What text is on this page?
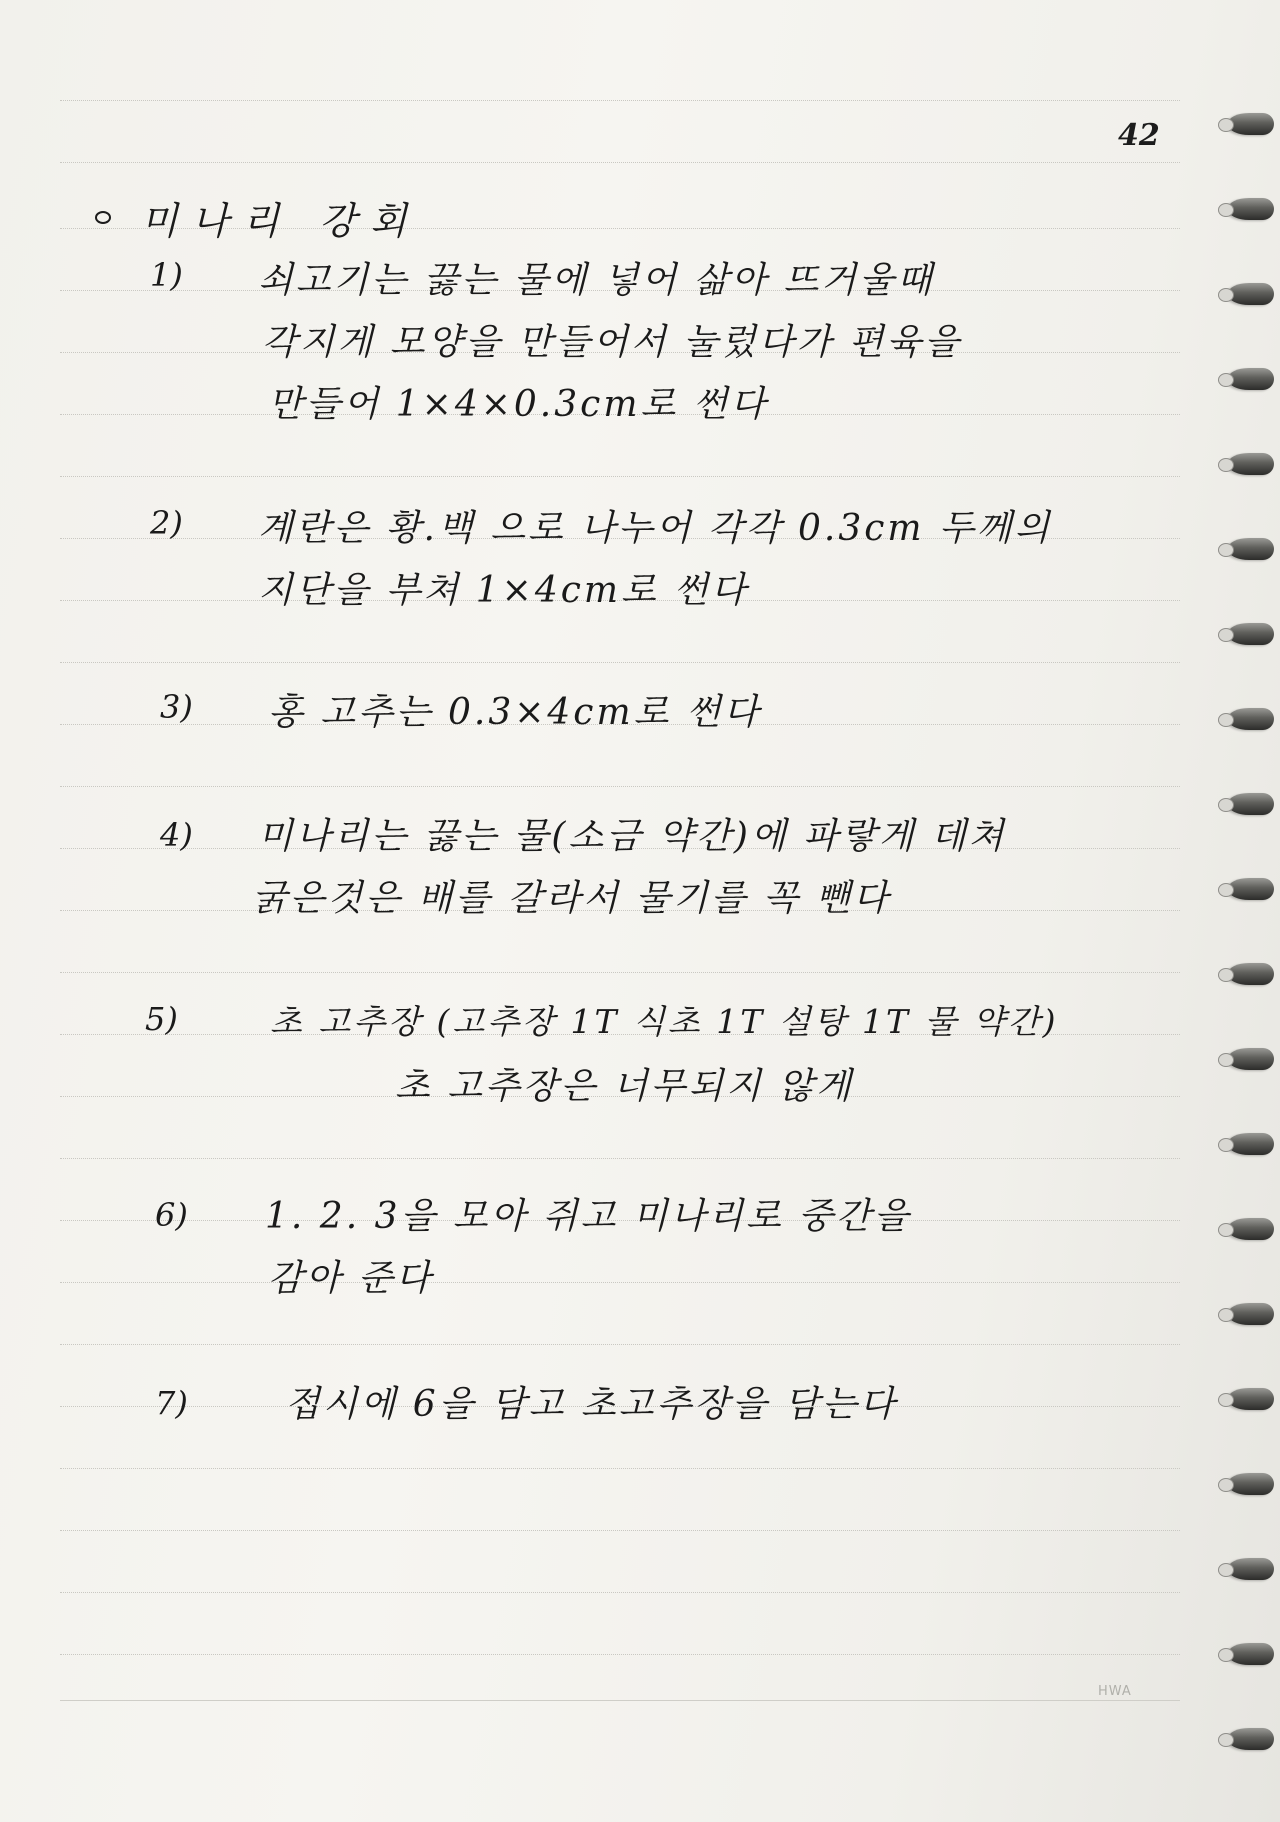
42
미나리 강회
1) 쇠고기는 끓는 물에 넣어 삶아 뜨거울때
각지게 모양을 만들어서 눌렀다가 편육을
만들어 1×4×0.3cm로 썬다
2) 계란은 황.백 으로 나누어 각각 0.3cm 두께의
지단을 부쳐 1×4cm로 썬다
3) 홍 고추는 0.3×4cm로 썬다
4) 미나리는 끓는 물(소금 약간)에 파랗게 데쳐
굵은것은 배를 갈라서 물기를 꼭 뺀다
5)	초 고추장 (고추장 1T 식초 1T 설탕 1T 물 약간)
초 고추장은 너무되지 않게
6) 1. 2. 3을 모아 쥐고 미나리로 중간을
감아 준다
7)	접시에 6을 담고 초고추장을 담는다
HWA
